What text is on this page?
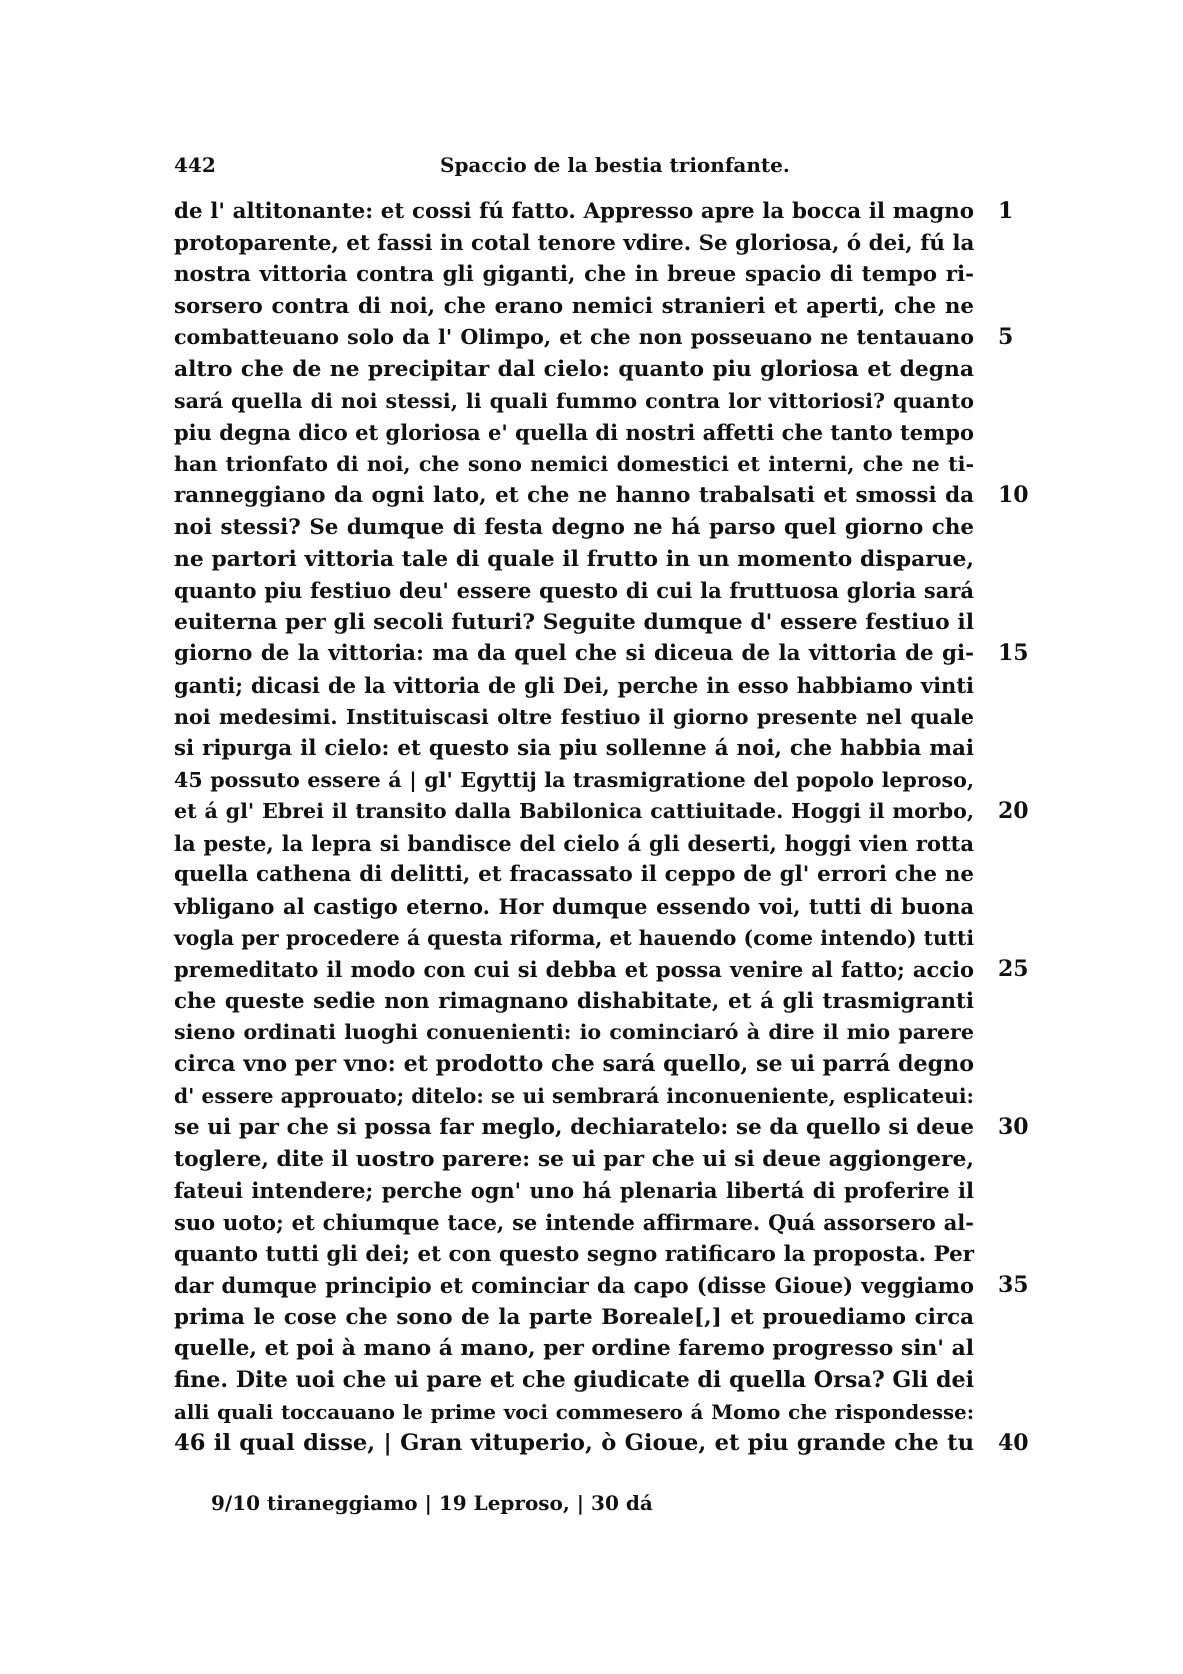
442	Spaccio de la bestia trionfante.
de l' altitonante: et cossi fú fatto. Appresso apre la bocca il magno 1
protoparente, et fassi in cotal tenore vdire. Se gloriosa, ó dei, fú la
nostra vittoria contra gli giganti, che in breue spacio di tempo ri-
sorsero contra di noi, che erano nemici stranieri et aperti, che ne
combatteuano solo da l' Olimpo, et che non posseuano ne tentauano 5
altro che de ne precipitar dal cielo: quanto piu gloriosa et degna
sará quella di noi stessi, li quali fummo contra lor vittoriosi? quanto
piu degna dico et gloriosa e' quella di nostri affetti che tanto tempo
han trionfato di noi, che sono nemici domestici et interni, che ne ti-
ranneggiano da ogni lato, et che ne hanno trabalsati et smossi da 10
noi stessi? Se dumque di festa degno ne há parso quel giorno che
ne partori vittoria tale di quale il frutto in un momento disparue,
quanto piu festiuo deu' essere questo di cui la fruttuosa gloria sará
euiterna per gli secoli futuri? Seguite dumque d' essere festiuo il
giorno de la vittoria: ma da quel che si diceua de la vittoria de gi- 15
ganti; dicasi de la vittoria de gli Dei, perche in esso habbiamo vinti
noi medesimi. Instituiscasi oltre festiuo il giorno presente nel quale
si ripurga il cielo: et questo sia piu sollenne á noi, che habbia mai
45 possuto essere á | gl' Egyttij la trasmigratione del popolo leproso,
et á gl' Ebrei il transito dalla Babilonica cattiuitade. Hoggi il morbo, 20
la peste, la lepra si bandisce del cielo á gli deserti, hoggi vien rotta
quella cathena di delitti, et fracassato il ceppo de gl' errori che ne
vbligano al castigo eterno. Hor dumque essendo voi, tutti di buona
vogla per procedere á questa riforma, et hauendo (come intendo) tutti
premeditato il modo con cui si debba et possa venire al fatto; accio 25
che queste sedie non rimagnano dishabitate, et á gli trasmigranti
sieno ordinati luoghi conuenienti: io cominciaró à dire il mio parere
circa vno per vno: et prodotto che sará quello, se ui parrá degno
d' essere approuato; ditelo: se ui sembrará inconueniente, esplicateui:
se ui par che si possa far meglo, dechiaratelo: se da quello si deue 30
toglere, dite il uostro parere: se ui par che ui si deue aggiongere,
fateui intendere; perche ogn' uno há plenaria libertá di proferire il
suo uoto; et chiumque tace, se intende affirmare. Quá assorsero al-
quanto tutti gli dei; et con questo segno ratificaro la proposta. Per
dar dumque principio et cominciar da capo (disse Gioue) veggiamo 35
prima le cose che sono de la parte Boreale[,] et prouediamo circa
quelle, et poi à mano á mano, per ordine faremo progresso sin' al
fine. Dite uoi che ui pare et che giudicate di quella Orsa? Gli dei
alli quali toccauano le prime voci commesero á Momo che rispondesse:
46 il qual disse, | Gran vituperio, ò Gioue, et piu grande che tu 40
9/10 tiraneggiamo | 19 Leproso, | 30 dá
